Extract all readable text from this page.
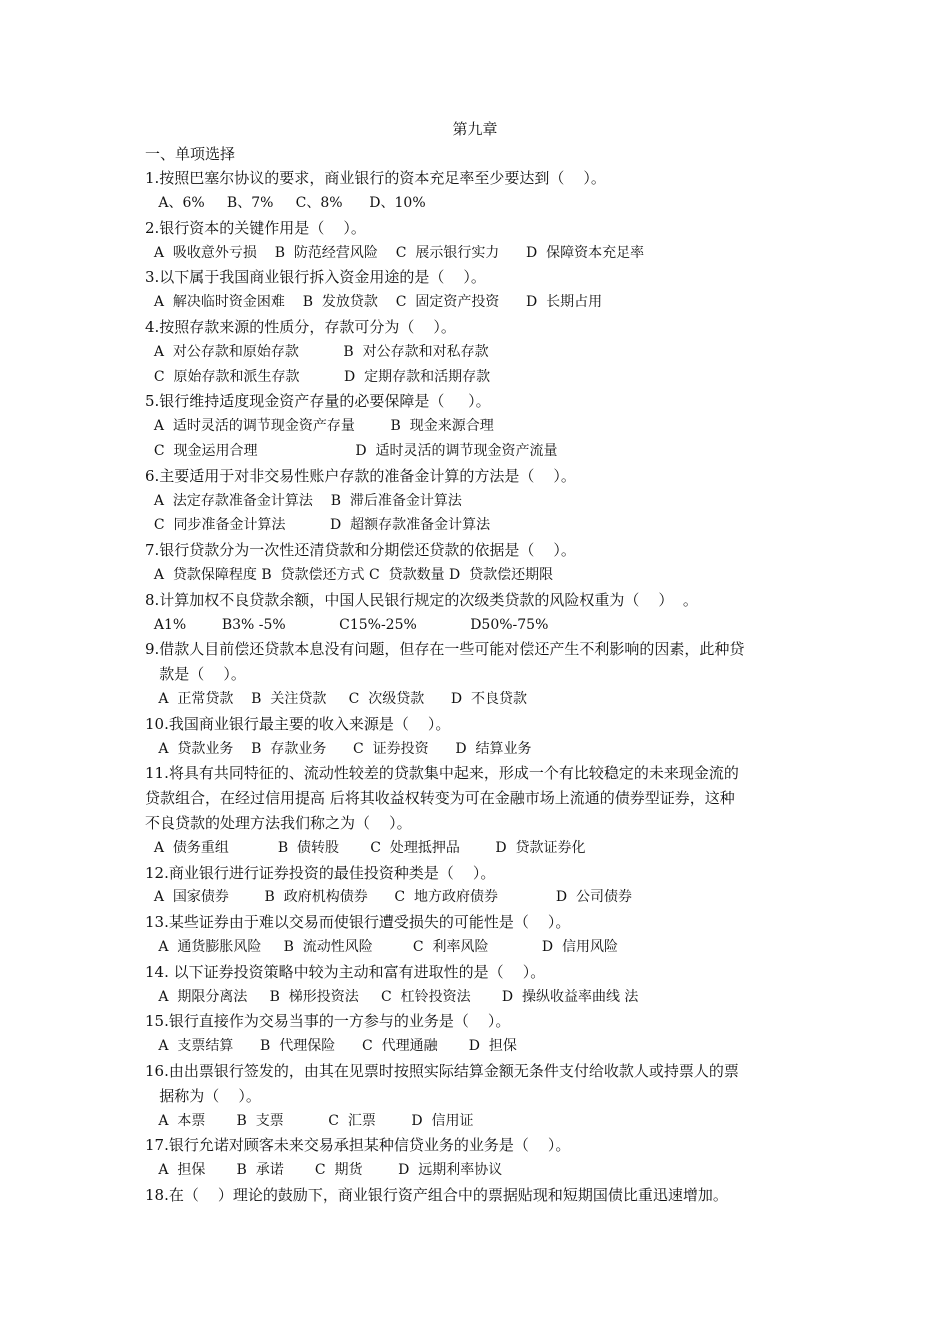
第九章
一、单项选择
1.按照巴塞尔协议的要求，商业银行的资本充足率至少要达到（    ）。
A、6%     B、7%     C、8%      D、10%
2.银行资本的关键作用是（    ）。
A  吸收意外亏损    B  防范经营风险    C  展示银行实力      D  保障资本充足率
3.以下属于我国商业银行拆入资金用途的是（    ）。
A  解决临时资金困难    B  发放贷款    C  固定资产投资      D  长期占用
4.按照存款来源的性质分，存款可分为（    ）。
A  对公存款和原始存款          B  对公存款和对私存款
C  原始存款和派生存款          D  定期存款和活期存款
5.银行维持适度现金资产存量的必要保障是（     ）。
A  适时灵活的调节现金资产存量        B  现金来源合理
C  现金运用合理                      D  适时灵活的调节现金资产流量
6.主要适用于对非交易性账户存款的准备金计算的方法是（    ）。
A  法定存款准备金计算法    B  滞后准备金计算法
C  同步准备金计算法          D  超额存款准备金计算法
7.银行贷款分为一次性还清贷款和分期偿还贷款的依据是（    ）。
A  贷款保障程度 B  贷款偿还方式 C  贷款数量 D  贷款偿还期限
8.计算加权不良贷款余额，中国人民银行规定的次级类贷款的风险权重为（    ）  。
A1%        B3% -5%            C15%-25%            D50%-75%
9.借款人目前偿还贷款本息没有问题，但存在一些可能对偿还产生不利影响的因素，此种贷
款是（    ）。
A  正常贷款    B  关注贷款     C  次级贷款      D  不良贷款
10.我国商业银行最主要的收入来源是（    ）。
A  贷款业务    B  存款业务      C  证券投资      D  结算业务
11.将具有共同特征的、流动性较差的贷款集中起来，形成一个有比较稳定的未来现金流的
贷款组合，在经过信用提高 后将其收益权转变为可在金融市场上流通的债券型证券，这种
不良贷款的处理方法我们称之为（    ）。
A  债务重组           B  债转股       C  处理抵押品        D  贷款证券化
12.商业银行进行证券投资的最佳投资种类是（    ）。
A  国家债券        B  政府机构债券      C  地方政府债券             D  公司债券
13.某些证券由于难以交易而使银行遭受损失的可能性是（    ）。
A  通货膨胀风险     B  流动性风险         C  利率风险            D  信用风险
14. 以下证券投资策略中较为主动和富有进取性的是（    ）。
A  期限分离法     B  梯形投资法     C  杠铃投资法       D  操纵收益率曲线 法
15.银行直接作为交易当事的一方参与的业务是（    ）。
A  支票结算      B  代理保险      C  代理通融       D  担保
16.由出票银行签发的，由其在见票时按照实际结算金额无条件支付给收款人或持票人的票
据称为（    ）。
A  本票       B  支票          C  汇票        D  信用证
17.银行允诺对顾客未来交易承担某种信贷业务的业务是（    ）。
A  担保       B  承诺       C  期货        D  远期利率协议
18.在（    ）理论的鼓励下，商业银行资产组合中的票据贴现和短期国债比重迅速增加。
